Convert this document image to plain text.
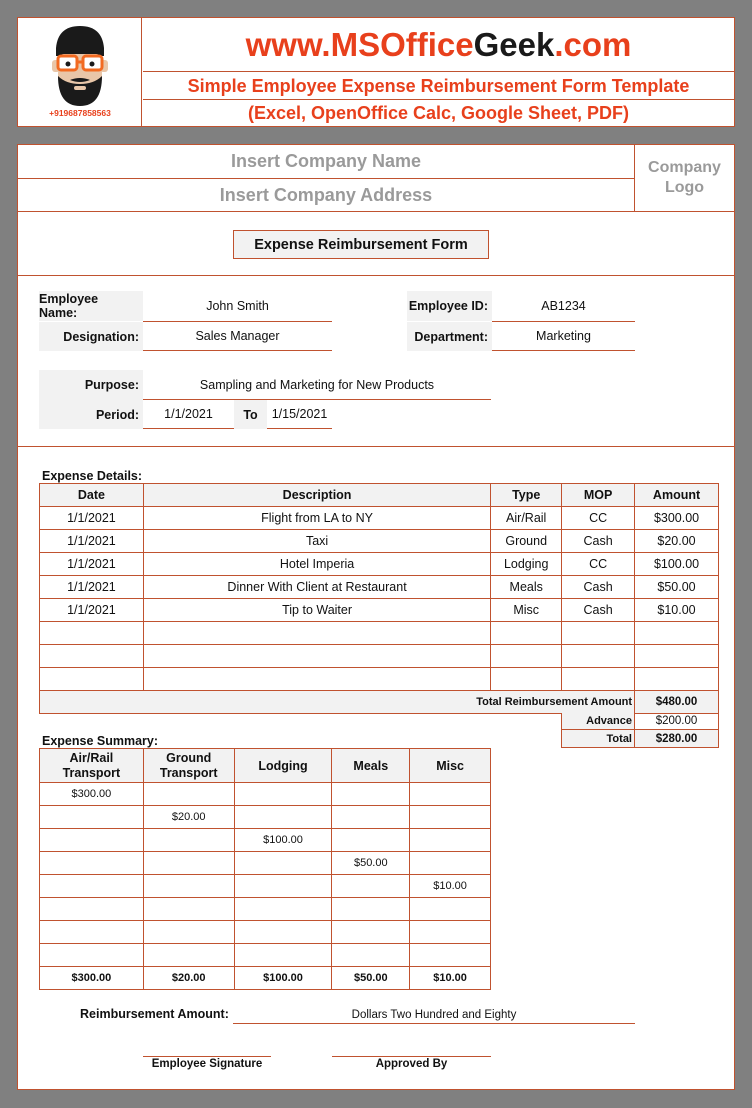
+919687858563
www. MSOffice Geek .com
Simple Employee Expense Reimbursement Form Template
(Excel, OpenOffice Calc, Google Sheet, PDF)
Insert Company Name
Insert Company Address
Company
Logo
Expense Reimbursement Form
Employee Name:	John Smith	Employee ID:	AB1234
Designation:	Sales Manager	Department:	Marketing
Purpose:	Sampling and Marketing for New Products
Period:	1/1/2021	To	1/15/2021
Expense Details:
Date	Description	Type	MOP	Amount
1/1/2021	Flight from LA to NY	Air/Rail	CC	$300.00
1/1/2021	Taxi	Ground	Cash	$20.00
1/1/2021	Hotel Imperia	Lodging	CC	$100.00
1/1/2021	Dinner With Client at Restaurant	Meals	Cash	$50.00
1/1/2021	Tip to Waiter	Misc	Cash	$10.00

Total Reimbursement Amount				$480.00
Advance	$200.00
Total	$280.00
Expense Summary:
Air/Rail Transport	Ground Transport	Lodging	Meals	Misc
$300.00				
	$20.00			
		$100.00		
			$50.00	
				$10.00

$300.00	$20.00	$100.00	$50.00	$10.00
Reimbursement Amount:	Dollars Two Hundred and Eighty
Employee Signature	Approved By
